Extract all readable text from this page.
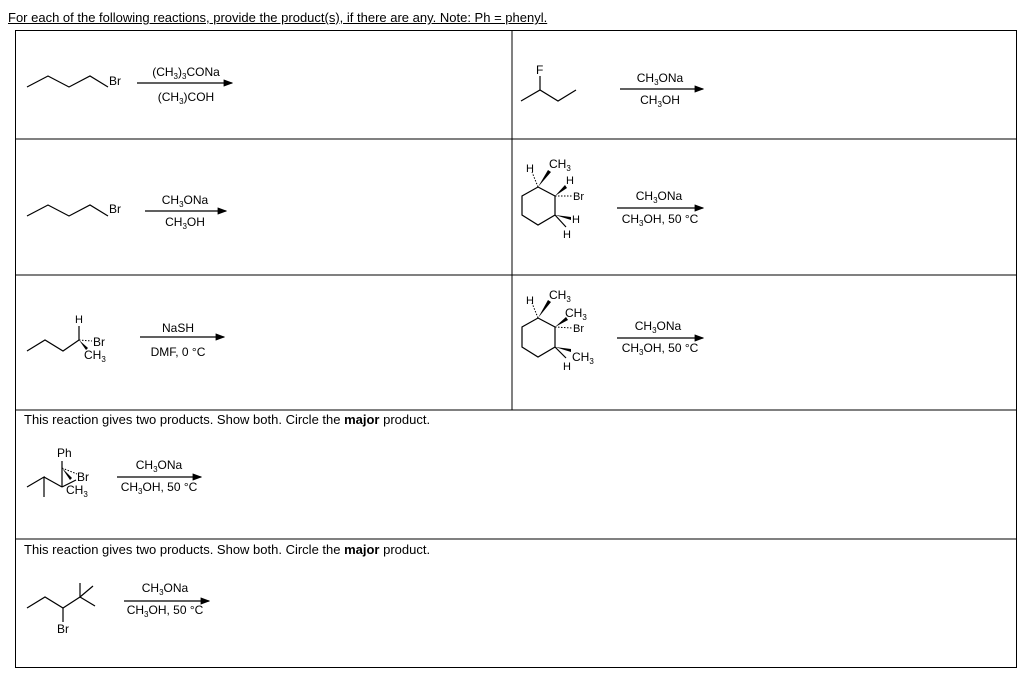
For each of the following reactions, provide the product(s), if there are any. Note: Ph = phenyl.
This reaction gives two products. Show both. Circle the major product.
This reaction gives two products. Show both. Circle the major product.
Br
$(CH_3)_3CONa$
$(CH_3)COH$
F
$CH_3ONa$
$CH_3OH$
Br
$CH_3ONa$
$CH_3OH$
H $CH_3$
H
Br
H
H
$CH_3ONa$
$CH_3OH$, 50 °C
H
Br
$CH_3$
NaSH
DMF, 0 °C
H $CH_3$
$CH_3$
Br
$CH_3$
H
$CH_3ONa$
$CH_3OH$, 50 °C
Ph
Br
$CH_3$
$CH_3ONa$
$CH_3OH$, 50 °C
Br
$CH_3ONa$
$CH_3OH$, 50 °C
